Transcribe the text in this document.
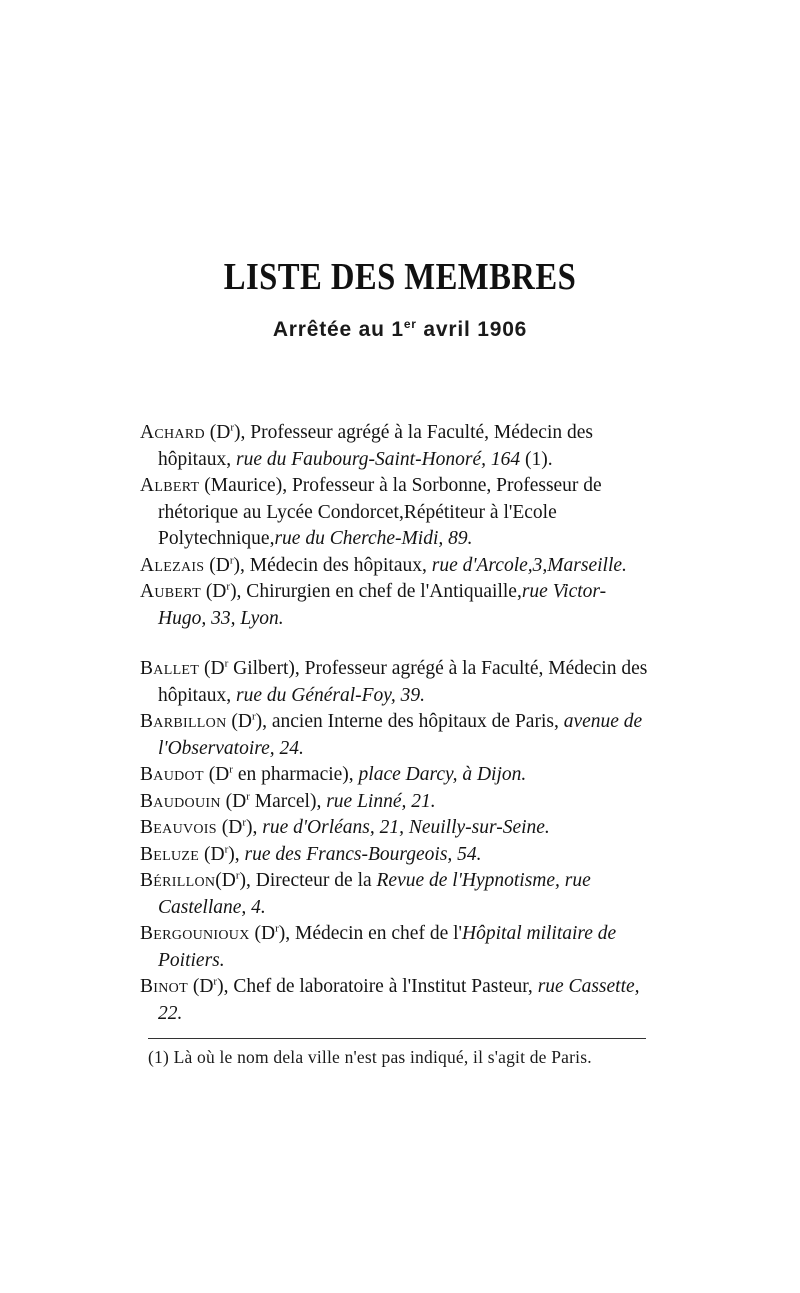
LISTE DES MEMBRES
Arrêtée au 1er avril 1906

Achard $(D^r)$, Professeur agrégé à la Faculté, Médecin des hôpitaux, rue du Faubourg-Saint-Honoré, 164 (1).

Albert (Maurice), Professeur à la Sorbonne, Professeur de rhétorique au Lycée Condorcet,Répétiteur à l'Ecole Polytechnique,rue du Cherche-Midi, 89.

Alezais $(D^r)$, Médecin des hôpitaux, rue d'Arcole,3,Marseille.

Aubert $(D^r)$, Chirurgien en chef de l'Antiquaille,rue Victor-Hugo, 33, Lyon.

Ballet ($D^r$ Gilbert), Professeur agrégé à la Faculté, Médecin des hôpitaux, rue du Général-Foy, 39.

Barbillon $(D^r)$, ancien Interne des hôpitaux de Paris, avenue de l'Observatoire, 24.

Baudot ($D^r$ en pharmacie), place Darcy, à Dijon.

Baudouin ($D^r$ Marcel), rue Linné, 21.

Beauvois $(D^r)$, rue d'Orléans, 21, Neuilly-sur-Seine.

Beluze $(D^r)$, rue des Francs-Bourgeois, 54.

$Bérillon(D^r)$, Directeur de la Revue de l'Hypnotisme, rue Castellane, 4.

Bergounioux $(D^r)$, Médecin en chef de l'Hôpital militaire de Poitiers.

Binot $(D^r)$, Chef de laboratoire à l'Institut Pasteur, rue Cassette, 22.

(1) Là où le nom dela ville n'est pas indiqué, il s'agit de Paris.
